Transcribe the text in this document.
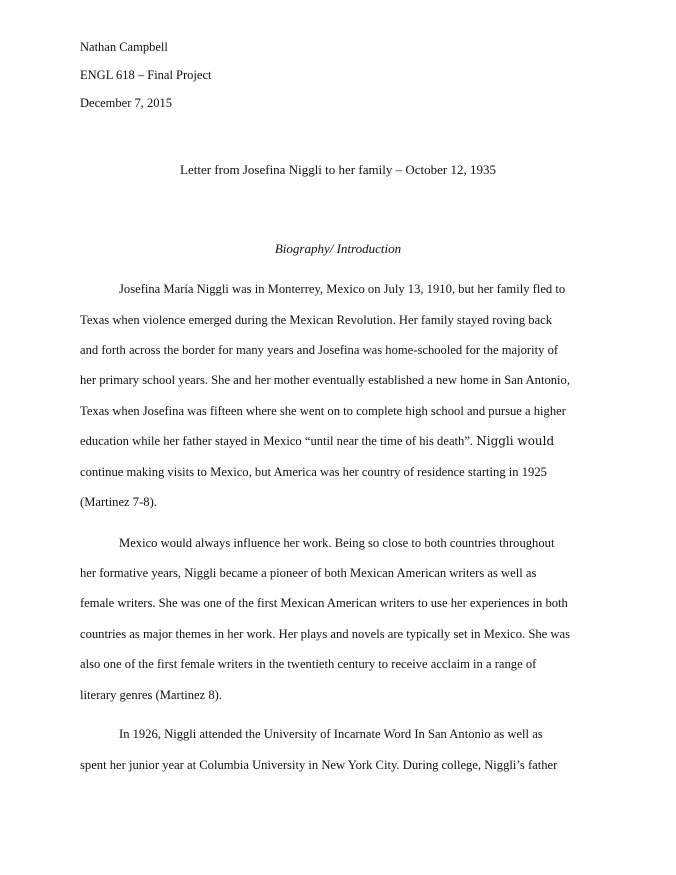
Nathan Campbell
ENGL 618 – Final Project
December 7, 2015
Letter from Josefina Niggli to her family – October 12, 1935
Biography/ Introduction
Josefina María Niggli was in Monterrey, Mexico on July 13, 1910, but her family fled to
Texas when violence emerged during the Mexican Revolution. Her family stayed roving back
and forth across the border for many years and Josefina was home-schooled for the majority of
her primary school years. She and her mother eventually established a new home in San Antonio,
Texas when Josefina was fifteen where she went on to complete high school and pursue a higher
education while her father stayed in Mexico “until near the time of his death”. Niggli would
continue making visits to Mexico, but America was her country of residence starting in 1925
(Martinez 7-8).
Mexico would always influence her work. Being so close to both countries throughout
her formative years, Niggli became a pioneer of both Mexican American writers as well as
female writers. She was one of the first Mexican American writers to use her experiences in both
countries as major themes in her work. Her plays and novels are typically set in Mexico. She was
also one of the first female writers in the twentieth century to receive acclaim in a range of
literary genres (Martinez 8).
In 1926, Niggli attended the University of Incarnate Word In San Antonio as well as
spent her junior year at Columbia University in New York City. During college, Niggli’s father
